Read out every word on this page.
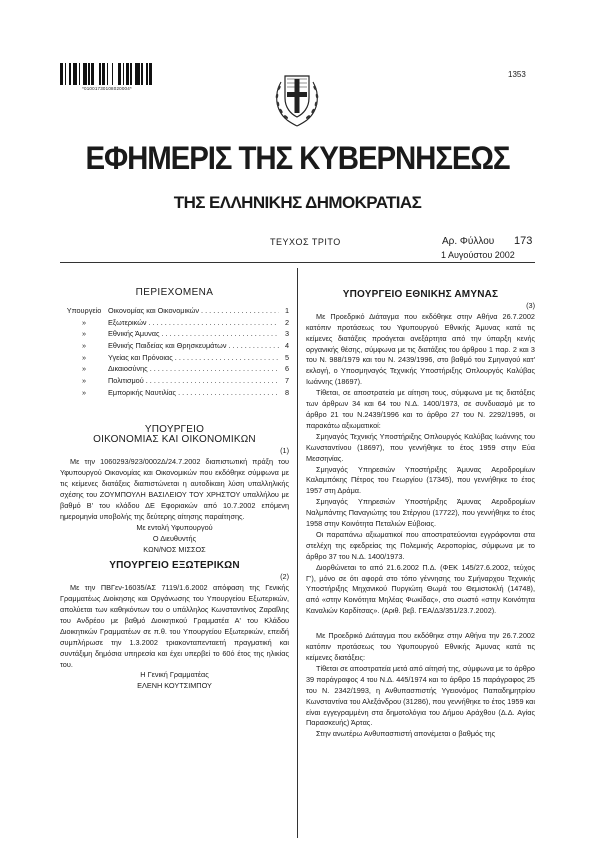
*01001730108020004*
1353
ΕΦΗΜΕΡΙΣ ΤΗΣ ΚΥΒΕΡΝΗΣΕΩΣ
ΤΗΣ ΕΛΛΗΝΙΚΗΣ ΔΗΜΟΚΡΑΤΙΑΣ
ΤΕΥΧΟΣ ΤΡΙΤΟ	Αρ. Φύλλου 173
1 Αυγούστου 2002
ΠΕΡΙΕΧΟΜΕΝΑ
Υπουργείο Οικονομίας και Οικονομικών . . .	1
»	Εξωτερικών . . .	2
»	Εθνικής Άμυνας . . .	3
»	Εθνικής Παιδείας και Θρησκευμάτων . . .	4
»	Υγείας και Πρόνοιας . . .	5
»	Δικαιοσύνης . . .	6
»	Πολιτισμού . . .	7
»	Εμπορικής Ναυτιλίας . . .	8
ΥΠΟΥΡΓΕΙΟ
ΟΙΚΟΝΟΜΙΑΣ ΚΑΙ ΟΙΚΟΝΟΜΙΚΩΝ
(1)

Με την 1060293/923/0002Δ/24.7.2002 διαπιστωτική πράξη του Υφυπουργού Οικονομίας και Οικονομικών που εκδόθηκε σύμφωνα με τις κείμενες διατάξεις διαπιστώνεται η αυτοδίκαιη λύση υπαλληλικής σχέσης του ΖΟΥΜΠΟΥΛΗ ΒΑΣΙΛΕΙΟΥ ΤΟΥ ΧΡΗΣΤΟΥ υπαλλήλου με βαθμό Β' του κλάδου ΔΕ Εφοριακών από 10.7.2002 επόμενη ημερομηνία υποβολής της δεύτερης αίτησης παραίτησης.

Με εντολή Υφυπουργού
Ο Διευθυντής
ΚΩΝ/ΝΟΣ ΜΙΣΣΟΣ
ΥΠΟΥΡΓΕΙΟ ΕΞΩΤΕΡΙΚΩΝ
(2)

Με την ΠΒΓεν-16035/ΑΣ 7119/1.6.2002 απόφαση της Γενικής Γραμματέως Διοίκησης και Οργάνωσης του Υπουργείου Εξωτερικών, απολύεται των καθηκόντων του ο υπάλληλος Κωνσταντίνος Ζαραΐλης του Ανδρέου με βαθμό Διοικητικού Γραμματέα Α' του Κλάδου Διοικητικών Γραμματέων σε π.θ. του Υπουργείου Εξωτερικών, επειδή συμπλήρωσε την 1.3.2002 τριακονταπενταετή πραγματική και συντάξιμη δημόσια υπηρεσία και έχει υπερβεί το 60ό έτος της ηλικίας του.

Η Γενική Γραμματέας
ΕΛΕΝΗ ΚΟΥΤΣΙΜΠΟΥ
ΥΠΟΥΡΓΕΙΟ ΕΘΝΙΚΗΣ ΑΜΥΝΑΣ
(3)

Με Προεδρικό Διάταγμα που εκδόθηκε στην Αθήνα 26.7.2002 κατόπιν προτάσεως του Υφυπουργού Εθνικής Άμυνας κατά τις κείμενες διατάξεις προάγεται ανεξάρτητα από την ύπαρξη κενής οργανικής θέσης, σύμφωνα με τις διατάξεις του άρθρου 1 παρ. 2 και 3 του Ν. 988/1979 και του Ν. 2439/1996, στο βαθμό του Σμηναγού κατ' εκλογή, ο Υποσμηναγός Τεχνικής Υποστήριξης Οπλουργός Καλύβας Ιωάννης (18697).

Τίθεται, σε αποστρατεία με αίτηση τους, σύμφωνα με τις διατάξεις των άρθρων 34 και 64 του Ν.Δ. 1400/1973, σε συνδυασμό με το άρθρο 21 του Ν.2439/1996 και το άρθρο 27 του Ν. 2292/1995, οι παρακάτω αξιωματικοί:

Σμηναγός Τεχνικής Υποστήριξης Οπλουργός Καλύβας Ιωάννης του Κωνσταντίνου (18697), που γεννήθηκε το έτος 1959 στην Εύα Μεσσηνίας.

Σμηναγός Υπηρεσιών Υποστήριξης Άμυνας Αεροδρομίων Καλαμπόκης Πέτρος του Γεωργίου (17345), που γεννήθηκε το έτος 1957 στη Δράμα.

Σμηναγός Υπηρεσιών Υποστήριξης Άμυνας Αεροδρομίων Ναλμπάντης Παναγιώτης του Στέργιου (17722), που γεννήθηκε το έτος 1958 στην Κοινότητα Πεταλιών Εύβοιας.

Οι παραπάνω αξιωματικοί που αποστρατεύονται εγγράφονται στα στελέχη της εφεδρείας της Πολεμικής Αεροπορίας, σύμφωνα με το άρθρο 37 του Ν.Δ. 1400/1973.

Διορθώνεται το από 21.6.2002 Π.Δ. (ΦΕΚ 145/27.6.2002, τεύχος Γ'), μόνο σε ότι αφορά στο τόπο γέννησης του Σμήναρχου Τεχνικής Υποστήριξης Μηχανικού Πυργιώτη Θωμά του Θεμιστοκλή (14748), από «στην Κοινότητα Μηλέας Φωκίδας», στο σωστό «στην Κοινότητα Καναλιών Καρδίτσας». (Αριθ. βεβ. ΓΕΑ/Δ3/351/23.7.2002).

Με Προεδρικό Διάταγμα που εκδόθηκε στην Αθήνα την 26.7.2002 κατόπιν προτάσεως του Υφυπουργού Εθνικής Άμυνας κατά τις κείμενες διατάξεις:

Τίθεται σε αποστρατεία μετά από αίτησή της, σύμφωνα με το άρθρο 39 παράγραφος 4 του Ν.Δ. 445/1974 και το άρθρο 15 παράγραφος 25 του Ν. 2342/1993, η Ανθυπασπιστής Υγειονόμος Παπαδημητρίου Κωνσταντίνα του Αλεξάνδρου (31286), που γεννήθηκε το έτος 1959 και είναι εγγεγραμμένη στα δημοτολόγια του Δήμου Αράχθου (Δ.Δ. Αγίας Παρασκευής) Άρτας.

Στην ανωτέρω Ανθυπασπιστή απονέμεται ο βαθμός της
